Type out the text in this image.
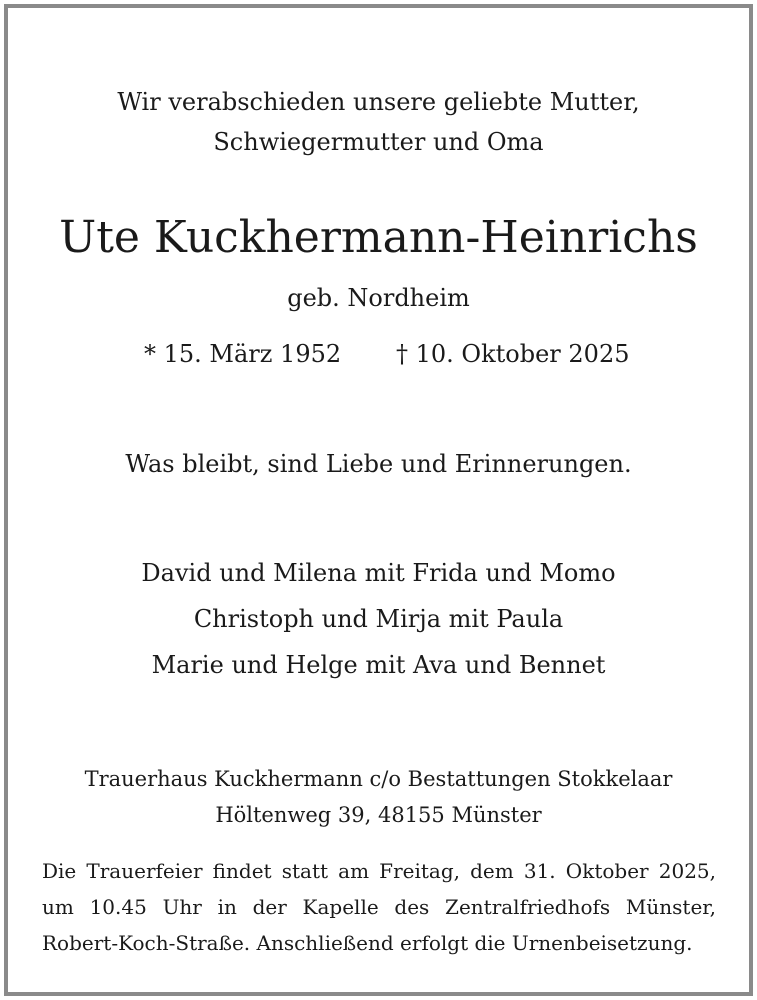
Wir verabschieden unsere geliebte Mutter,
Schwiegermutter und Oma
Ute Kuckhermann-Heinrichs
geb. Nordheim
* 15. März 1952 † 10. Oktober 2025
Was bleibt, sind Liebe und Erinnerungen.
David und Milena mit Frida und Momo
Christoph und Mirja mit Paula
Marie und Helge mit Ava und Bennet
Trauerhaus Kuckhermann c/o Bestattungen Stokkelaar
Höltenweg 39, 48155 Münster
Die Trauerfeier findet statt am Freitag, dem 31. Oktober 2025, um 10.45 Uhr in der Kapelle des Zentralfriedhofs Münster, Robert-Koch-Straße. Anschließend erfolgt die Urnenbeisetzung.
